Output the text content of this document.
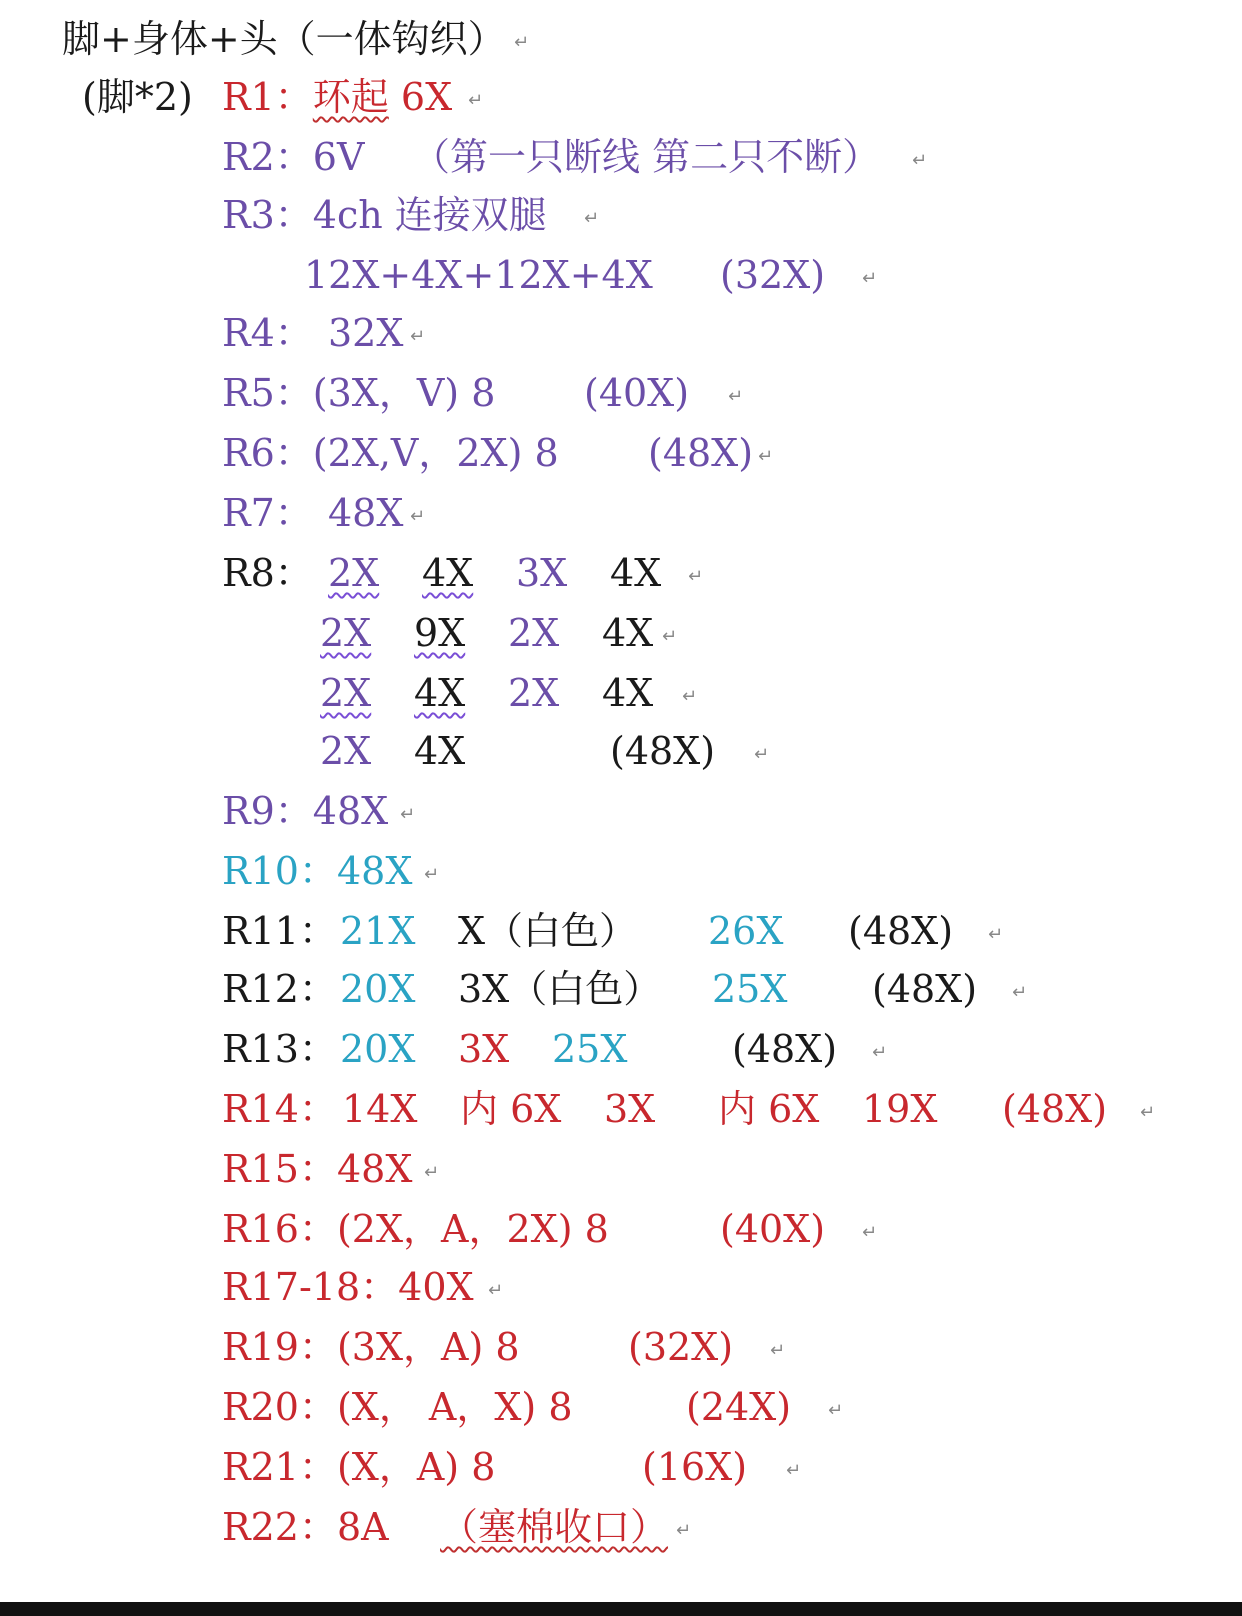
脚+身体+头（一体钩织） ↵
(脚*2) R1：环起 6X ↵
R2：6V （第一只断线 第二只不断） ↵
R3：4ch 连接双腿 ↵
12X+4X+12X+4X (32X) ↵
R4： 32X ↵
R5：(3X，V) 8 (40X) ↵
R6：(2X,V，2X) 8 (48X) ↵
R7： 48X ↵
R8： 2X 4X 3X 4X ↵
2X 9X 2X 4X ↵
2X 4X 2X 4X ↵
2X 4X	(48X) ↵
R9：48X ↵
R10：48X ↵
R11： 21X X（白色） 26X (48X) ↵
R12： 20X 3X（白色） 25X (48X) ↵
R13： 20X 3X 25X	(48X) ↵
R14： 14X 内 6X 3X 内 6X 19X (48X) ↵
R15：48X ↵
R16：(2X，A，2X) 8	(40X) ↵
R17-18：40X ↵
R19：(3X，A) 8	(32X) ↵
R20：(X， A，X) 8	(24X) ↵
R21：(X，A) 8	(16X) ↵
R22：8A （塞棉收口） ↵
